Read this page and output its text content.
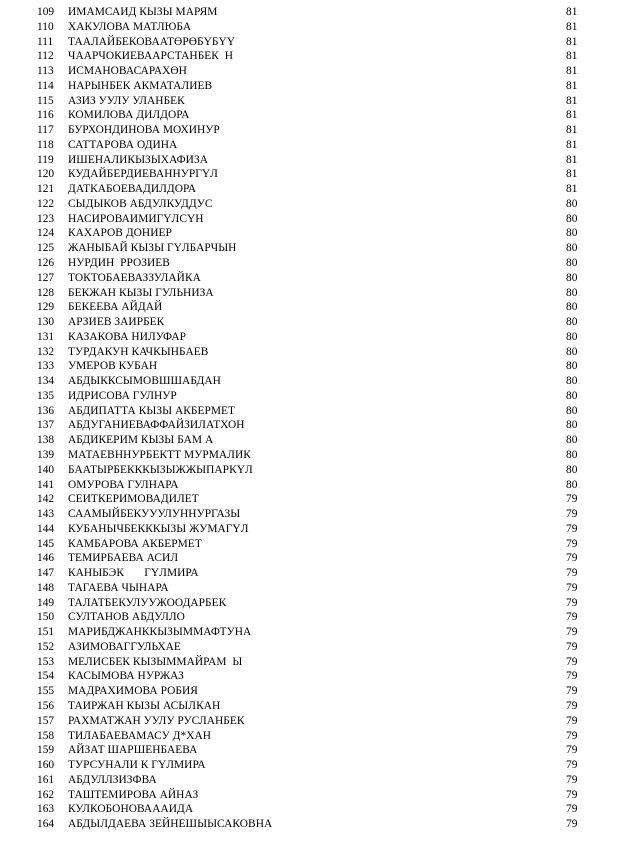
109	ИМАМСАИД КЫЗЫ МАРЯМ	81
110	ХАКУЛОВА МАТЛЮБА	81
111	ТААЛАЙБЕКОВААТӨРӨБҮБҮҮ	81
112	ЧААРЧОКИЕВААРСТАНБЕК  Н	81
113	ИСМАНОВАСАРАХӨН	81
114	НАРЫНБЕК АКМАТАЛИЕВ	81
115	АЗИЗ УУЛУ УЛАНБЕК	81
116	КОМИЛОВА ДИЛДОРА	81
117	БУРХОНДИНОВА МОХИНУР	81
118	САТТАРОВА ОДИНА	81
119	ИШЕНАЛИКЫЗЫХАФИЗА	81
120	КУДАЙБЕРДИЕВАННУРГҮЛ	81
121	ДАТКАБОЕВАДИЛДОРА	81
122	СЫДЫКОВ АБДУЛКУДДУС	80
123	НАСИРОВАИМИГҮЛСҮН	80
124	КАХАРОВ ДОНИЕР	80
125	ЖАНЫБАЙ КЫЗЫ ГҮЛБАРЧЫН	80
126	НУРДИН  РРОЗИЕВ	80
127	ТОКТОБАЕВАЗЗУЛАЙКА	80
128	БЕКЖАН КЫЗЫ ГУЛЬНИЗА	80
129	БЕКЕЕВА АЙДАЙ	80
130	АРЗИЕВ ЗАИРБЕК	80
131	КАЗАКОВА НИЛУФАР	80
132	ТУРДАКУН КАЧКЫНБАЕВ	80
133	УМЕРОВ КУБАН	80
134	АБДЫККСЫМОВШШАБДАН	80
135	ИДРИСОВА ГУЛНУР	80
136	АБДИПАТТА КЫЗЫ АКБЕРМЕТ	80
137	АБДУГАНИЕВАФФАЙЗИЛАТХОН	80
138	АБДИКЕРИМ КЫЗЫ БАМ А	80
139	МАТАЕВННУРБЕКТТ МУРМАЛИК	80
140	БААТЫРБЕКККЫЗЫЖЖЫПАРКҮЛ	80
141	ОМУРОВА ГУЛНАРА	80
142	СЕИТКЕРИМОВАДИЛЕТ	79
143	СААМЫЙБЕКУУУЛУННУРГАЗЫ	79
144	КУБАНЫЧБЕКККЫЗЫ ЖУМАГҮЛ	79
145	КАМБАРОВА АКБЕРМЕТ	79
146	ТЕМИРБАЕВА АСИЛ	79
147	КАНЫБЭК       ГҮЛМИРА	79
148	ТАГАЕВА ЧЫНАРА	79
149	ТАЛАТБЕКУЛУУЖООДАРБЕК	79
150	СУЛТАНОВ АБДУЛЛО	79
151	МАРИБДЖАНККЫЗЫММАФТУНА	79
152	АЗИМОВАГГУЛЬХАЕ	79
153	МЕЛИСБЕК КЫЗЫММАЙРАМ  Ы	79
154	КАСЫМОВА НУРЖАЗ	79
155	МАДРАХИМОВА РОБИЯ	79
156	ТАИРЖАН КЫЗЫ АСЫЛКАН	79
157	РАХМАТЖАН УУЛУ РУСЛАНБЕК	79
158	ТИЛАБАЕВАМАСУ Д*ХАН	79
159	АЙЗАТ ШАРШЕНБАЕВА	79
160	ТУРСУНАЛИ К ГҮЛМИРА	79
161	АБДУЛЛЗИЗФВА	79
162	ТАШТЕМИРОВА АЙНАЗ	79
163	КУЛКОБОНОВААAИДА	79
164	АБДЫЛДАЕВА ЗЕЙНЕШЫЫСАКОВНА	79
